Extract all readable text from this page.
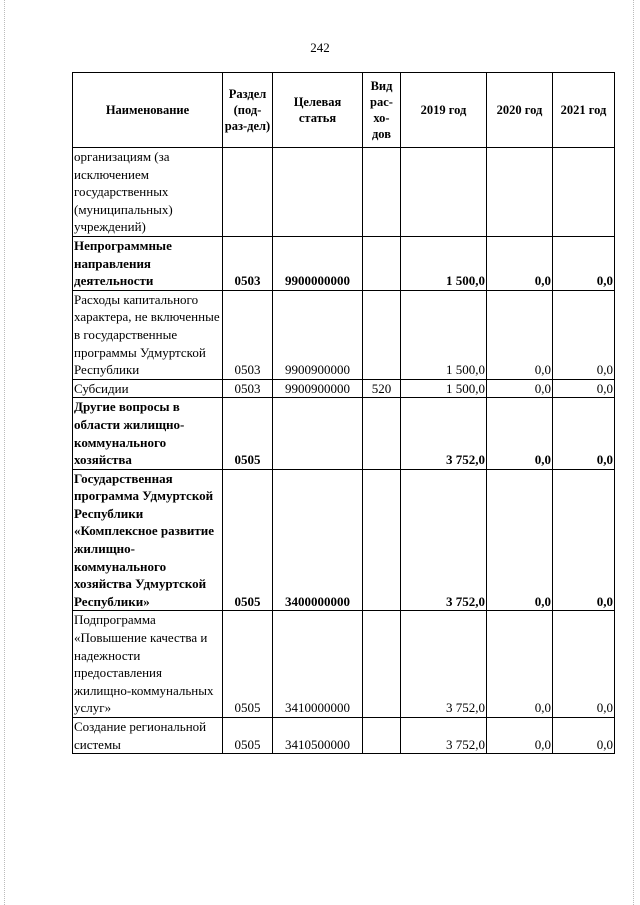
242
Наименование	Раздел (под-раз-дел)	Целевая статья	Вид рас-хо-дов	2019 год	2020 год	2021 год
организациям (за исключением государственных (муниципальных) учреждений)						
Непрограммные направления деятельности	0503	9900000000		1 500,0	0,0	0,0
Расходы капитального характера, не включенные в государственные программы Удмуртской Республики	0503	9900900000		1 500,0	0,0	0,0
Субсидии	0503	9900900000	520	1 500,0	0,0	0,0
Другие вопросы в области жилищно-коммунального хозяйства	0505			3 752,0	0,0	0,0
Государственная программа Удмуртской Республики «Комплексное развитие жилищно-коммунального хозяйства Удмуртской Республики»	0505	3400000000		3 752,0	0,0	0,0
Подпрограмма «Повышение качества и надежности предоставления жилищно-коммунальных услуг»	0505	3410000000		3 752,0	0,0	0,0
Создание региональной системы	0505	3410500000		3 752,0	0,0	0,0
